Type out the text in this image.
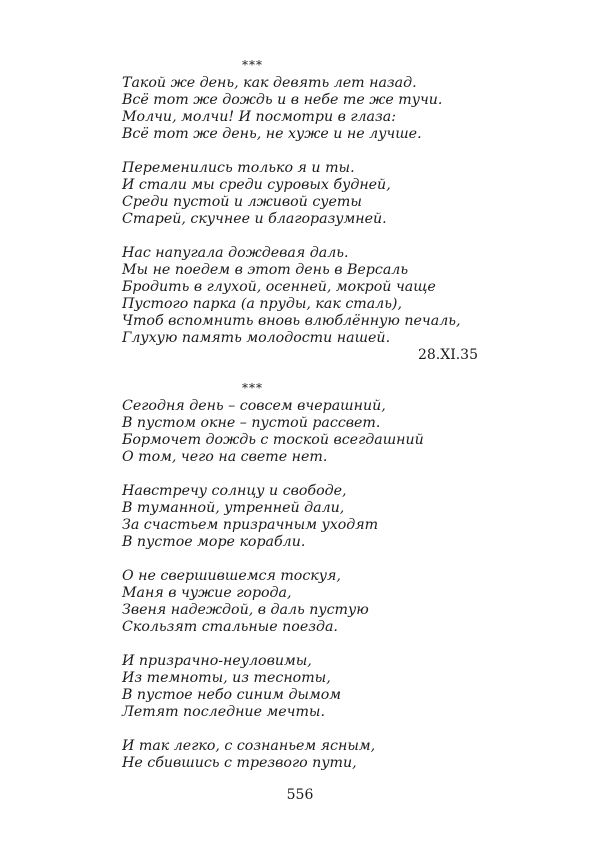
***
Такой же день, как девять лет назад.
Всё тот же дождь и в небе те же тучи.
Молчи, молчи! И посмотри в глаза:
Всё тот же день, не хуже и не лучше.
Переменились только я и ты.
И стали мы среди суровых будней,
Среди пустой и лживой суеты
Старей, скучнее и благоразумней.
Нас напугала дождевая даль.
Мы не поедем в этот день в Версаль
Бродить в глухой, осенней, мокрой чаще
Пустого парка (а пруды, как сталь),
Чтоб вспомнить вновь влюблённую печаль,
Глухую память молодости нашей.
28.XI.35
***
Сегодня день – совсем вчерашний,
В пустом окне – пустой рассвет.
Бормочет дождь с тоской всегдашний
О том, чего на свете нет.
Навстречу солнцу и свободе,
В туманной, утренней дали,
За счастьем призрачным уходят
В пустое море корабли.
О не свершившемся тоскуя,
Маня в чужие города,
Звеня надеждой, в даль пустую
Скользят стальные поезда.
И призрачно-неуловимы,
Из темноты, из тесноты,
В пустое небо синим дымом
Летят последние мечты.
И так легко, с сознаньем ясным,
Не сбившись с трезвого пути,
556
